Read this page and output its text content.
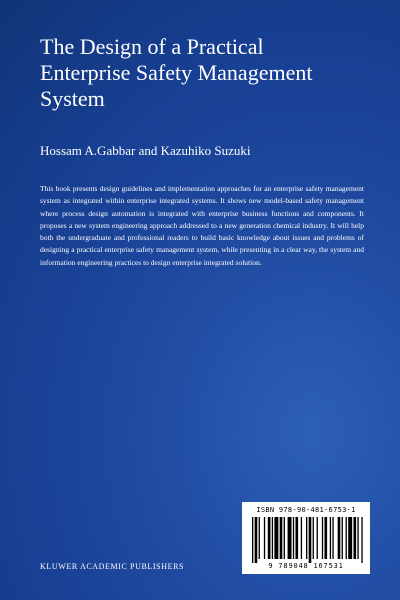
The Design of a Practical
Enterprise Safety Management
System
Hossam A.Gabbar and Kazuhiko Suzuki

This book presents design guidelines and implementation approaches for an enterprise safety management system as integrated within enterprise integrated systems. It shows new model-based safety management where process design automation is integrated with enterprise business functions and components. It proposes a new system engineering approach addressed to a new generation chemical industry. It will help both the undergraduate and professional readers to build basic knowledge about issues and problems of designing a practical enterprise safety management system, while presenting in a clear way, the system and information engineering practices to design enterprise integrated solution.

ISBN 978-90-481-6753-1
9 789048 167531
KLUWER ACADEMIC PUBLISHERS
